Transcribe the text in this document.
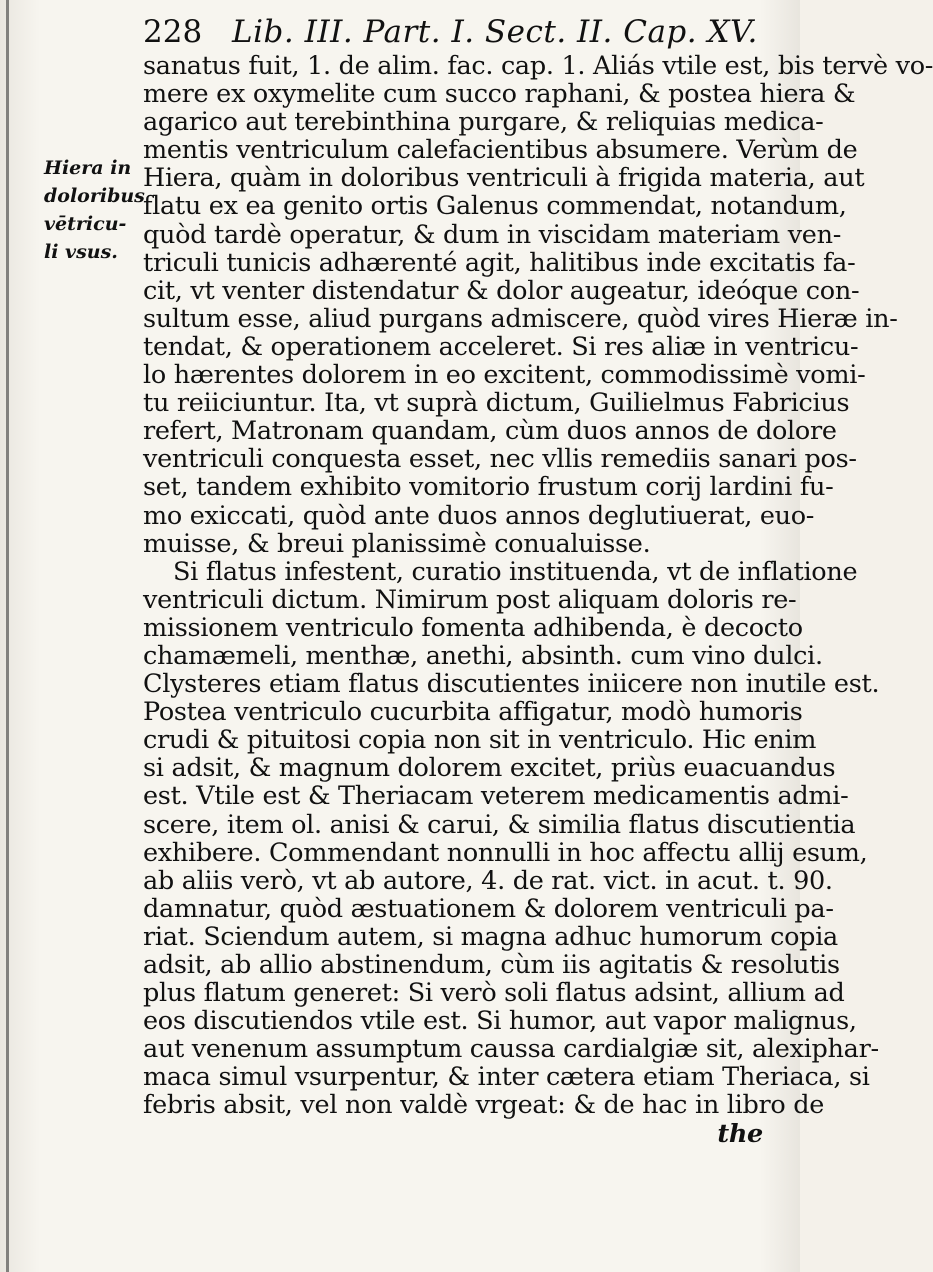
228 Lib. III. Part. I. Sect. II. Cap. XV.
Hiera in
doloribus
vētricu-
li vsus.
sanatus fuit, 1. de alim. fac. cap. 1. Aliás vtile est, bis tervè vo-
mere ex oxymelite cum succo raphani, & postea hiera &
agarico aut terebinthina purgare, & reliquias medica-
mentis ventriculum calefacientibus absumere. Verùm de
Hiera, quàm in doloribus ventriculi à frigida materia, aut
flatu ex ea genito ortis Galenus commendat, notandum,
quòd tardè operatur, & dum in viscidam materiam ven-
triculi tunicis adhærenté agit, halitibus inde excitatis fa-
cit, vt venter distendatur & dolor augeatur, ideóque con-
sultum esse, aliud purgans admiscere, quòd vires Hieræ in-
tendat, & operationem acceleret. Si res aliæ in ventricu-
lo hærentes dolorem in eo excitent, commodissimè vomi-
tu reiiciuntur. Ita, vt suprà dictum, Guilielmus Fabricius
refert, Matronam quandam, cùm duos annos de dolore
ventriculi conquesta esset, nec vllis remediis sanari pos-
set, tandem exhibito vomitorio frustum corij lardini fu-
mo exiccati, quòd ante duos annos deglutiuerat, euo-
muisse, & breui planissimè conualuisse.
Si flatus infestent, curatio instituenda, vt de inflatione
ventriculi dictum. Nimirum post aliquam doloris re-
missionem ventriculo fomenta adhibenda, è decocto
chamæmeli, menthæ, anethi, absinth. cum vino dulci.
Clysteres etiam flatus discutientes iniicere non inutile est.
Postea ventriculo cucurbita affigatur, modò humoris
crudi & pituitosi copia non sit in ventriculo. Hic enim
si adsit, & magnum dolorem excitet, priùs euacuandus
est. Vtile est & Theriacam veterem medicamentis admi-
scere, item ol. anisi & carui, & similia flatus discutientia
exhibere. Commendant nonnulli in hoc affectu allij esum,
ab aliis verò, vt ab autore, 4. de rat. vict. in acut. t. 90.
damnatur, quòd æstuationem & dolorem ventriculi pa-
riat. Sciendum autem, si magna adhuc humorum copia
adsit, ab allio abstinendum, cùm iis agitatis & resolutis
plus flatum generet: Si verò soli flatus adsint, allium ad
eos discutiendos vtile est. Si humor, aut vapor malignus,
aut venenum assumptum caussa cardialgiæ sit, alexiphar-
maca simul vsurpentur, & inter cætera etiam Theriaca, si
febris absit, vel non valdè vrgeat: & de hac in libro de
the
